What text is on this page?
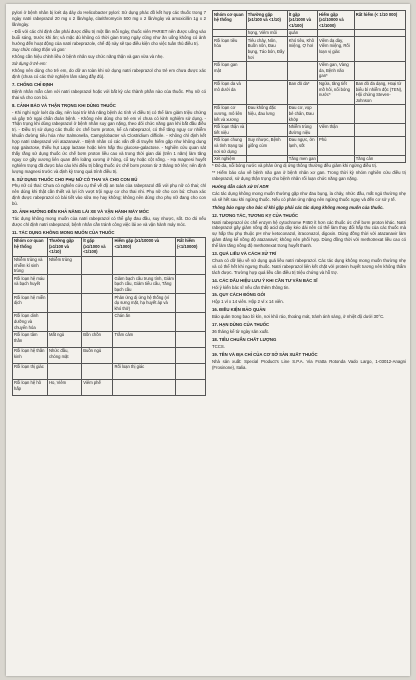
pylori ở bệnh nhân bị loét dạ dày do Helicobacter pylori: Sử dụng phác đồ kết hợp các thuốc trong 7 ngày natri rabeprazol 20 mg x 2 lần/ngày, clarithromycin 500 mg x 2 lần/ngày và amoxicillin 1g x 2 lần/ngày.

- Đối với các chỉ định cần phải được điều trị một lần mỗi ngày, thuốc viên PARIET nên được uống vào buổi sáng, trước khi ăn; và mặc dù không có thời gian trong ngày cũng như ăn uống không có ảnh hưởng đến hoạt động của natri rabeprazole, chế độ này sẽ tạo điều kiện cho việc tuân thủ điều trị.

Suy chức năng thận và gan:

Không cần hiệu chỉnh liều ở bệnh nhân suy chức năng thận và gan vừa và nhẹ.

Sử dụng ở trẻ em:

Không nên dùng cho trẻ em, do dữ an toàn khi sử dụng natri rabeprazol cho trẻ em chưa được xác định (chưa có các thử nghiệm lâm sàng đầy đủ).

7. CHỐNG CHỈ ĐỊNH

Bệnh nhân mẫn cảm với natri rabeprazol hoặc với bất kỳ các thành phần nào của thuốc. Phụ nữ có thai và cho con bú.

8. CẢNH BÁO VÀ THẬN TRỌNG KHI DÙNG THUỐC

- Khi nghi ngờ loét dạ dày, nên loại trừ khả năng bệnh ác tính vì điều trị có thể làm giảm triệu chứng và gây trở ngại chẩn đoán bệnh. - Không nên dùng cho trẻ em vì chưa có kinh nghiệm sử dụng. - Thận trọng khi dùng rabeprazol ở bệnh nhân suy gan nặng, theo dõi chức năng gan khi bắt đầu điều trị. - Điều trị sử dụng các thuốc ức chế bơm proton, kể cả rabeprazol, có thể tăng nguy cơ nhiễm khuẩn đường tiêu hóa như Salmonella, Campylobacter và Clostridium difficile. - Không chỉ định kết hợp natri rabeprazol với atazanavir. - Bệnh nhân có các vấn đề di truyền hiếm gặp như không dung nạp galactose, thiếu hụt Lapp lactase hoặc kém hấp thu glucose-galactose. - Nghiên cứu quan sát thấy rằng sử dụng thuốc ức chế bơm proton liều cao và trong thời gian dài (trên 1 năm) làm tăng nguy cơ gãy xương liên quan đến loãng xương ở hông, cổ tay hoặc cột sống. - Hạ magnesi huyết nghiêm trọng đã được báo cáo khi điều trị bằng thuốc ức chế bơm proton từ 3 tháng trở lên; nên định lượng magnesi trước và định kỳ trong quá trình điều trị.

9. SỬ DỤNG THUỐC CHO PHỤ NỮ CÓ THAI VÀ CHO CON BÚ

Phụ nữ có thai: Chưa có nghiên cứu cụ thể về độ an toàn của rabeprazol đối với phụ nữ có thai; chỉ nên dùng khi thật cần thiết và lợi ích vượt trội nguy cơ cho thai nhi. Phụ nữ cho con bú: Chưa xác định được rabeprazol có bài tiết vào sữa mẹ hay không; không nên dùng cho phụ nữ đang cho con bú.

10. ẢNH HƯỞNG ĐẾN KHẢ NĂNG LÁI XE VÀ VẬN HÀNH MÁY MÓC

Tác dụng không mong muốn của natri rabeprazol có thể gây đau đầu, suy nhược, sốt. Do đó nếu được chỉ định natri rabeprazol, bệnh nhân cần tránh công việc lái xe và vận hành máy móc.

11. TÁC DỤNG KHÔNG MONG MUỐN CỦA THUỐC

Nhóm cơ quan hệ thống	Thường gặp (≥1/100 và <1/10)	Ít gặp (≥1/1000 và <1/100)	Hiếm gặp (≥1/10000 và <1/1000)	Rất hiếm (<1/10000)
Nhiễm trùng và nhiễm kí sinh trùng	Nhiễm trùng			
Rối loạn hệ máu và bạch huyết			Giảm bạch cầu trung tính, Giảm bạch cầu, Giảm tiểu cầu, Tăng bạch cầu	
Rối loạn hệ miễn dịch			Phản ứng dị ứng hệ thống (ví dụ sưng mặt, hạ huyết áp và khó thở)	
Rối loạn dinh dưỡng và chuyển hóa			Chán ăn	
Rối loạn tâm thần	Mất ngủ	Bồn chồn	Trầm cảm	
Rối loạn hệ thần kinh	Nhức đầu, chóng mặt	Buồn ngủ		
Rối loạn thị giác			Rối loạn thị giác	
Rối loạn hệ hô hấp	Ho, Viêm	Viêm phế		
Nhóm cơ quan hệ thống	Thường gặp (≥1/100 và <1/10)	Ít gặp (≥1/1000 và <1/100)	Hiếm gặp (≥1/10000 và <1/1000)	Rất hiếm (< 1/10 000)
	họng, Viêm mũi	quản		
Rối loạn tiêu hóa	Tiêu chảy, Nôn, Buồn nôn, Đau bụng, Táo bón, Đầy hơi	Khó tiêu, Khô miệng, Ợ hơi	Viêm dạ dày, Viêm miệng, Rối loạn vị giác	
Rối loạn gan mật			Viêm gan, Vàng da, Bệnh não gan*	
Rối loạn da và mô dưới da		Ban đỏ da*	Ngứa, tăng tiết mồ hôi, nổi bóng nước*	Ban đỏ đa dạng, Hoại tử biểu bì nhiễm độc (TEN), Hội chứng Steven-Johnson
Rối loạn cơ xương, mô liên kết và xương	Đau không đặc hiệu, đau lưng	Đau cơ, vọp bẻ chân, Đau khớp		
Rối loạn thận và tiết niệu		Nhiễm trùng đường niệu	Viêm thận	
Rối loạn chung và tình trạng tại nơi sử dụng	Suy nhược, Bệnh giống cúm	Đau ngực, ớn lạnh, sốt	Phù	
Xét nghiệm		Tăng men gan		Tăng cân

* Đỏ da, nổi bóng nước và phản ứng dị ứng thông thường đều giảm khi ngừng điều trị.

** Hiếm báo cáo về bệnh não gan ở bệnh nhân xơ gan. Trong thời kỳ nhóm nghiên cứu điều trị rabeprazol, sử dụng thận trọng cho bệnh nhân rối loạn chức năng gan nặng.

Hướng dẫn cách xử trí ADR

Các tác dụng không mong muốn thường gặp như đau bụng, ỉa chảy, nhức đầu, mất ngủ thường nhẹ và sẽ hết sau khi ngừng thuốc. Nếu có phản ứng nặng nên ngừng thuốc ngay và đến cơ sở y tế.

Thông báo ngay cho bác sĩ khi gặp phải các tác dụng không mong muốn của thuốc.

12. TƯƠNG TÁC, TƯƠNG KỴ CỦA THUỐC

Natri rabeprazol ức chế enzym hệ cytochrome P450 ít hơn các thuốc ức chế bơm proton khác. Natri rabeprazol gây giảm nồng độ acid dạ dày kéo dài nên có thể làm thay đổi hấp thu của các thuốc mà sự hấp thu phụ thuộc pH như ketoconazol, itraconazol, digoxin. Dùng đồng thời với atazanavir làm giảm đáng kể nồng độ atazanavir; không nên phối hợp. Dùng đồng thời với methotrexat liều cao có thể làm tăng nồng độ methotrexat trong huyết thanh.

13. QUÁ LIỀU VÀ CÁCH XỬ TRÍ

Chưa có dữ liệu về sử dụng quá liều natri rabeprazol. Các tác dụng không mong muốn thường nhẹ và có thể hết khi ngưng thuốc. Natri rabeprazol liên kết chặt với protein huyết tương nên không thẩm tách được. Trường hợp quá liều cần điều trị triệu chứng và hỗ trợ.

14. CÁC DẤU HIỆU LƯU Ý KHI CẦN TƯ VẤN BÁC SĨ

Hỏi ý kiến bác sĩ nếu cần thêm thông tin.

15. QUY CÁCH ĐÓNG GÓI

Hộp 1 vỉ x 14 viên. Hộp 2 vỉ x 14 viên.

16. ĐIỀU KIỆN BẢO QUẢN

Bảo quản trong bao bì kín, nơi khô ráo, thoáng mát, tránh ánh sáng, ở nhiệt độ dưới 30°C.

17. HẠN DÙNG CỦA THUỐC

36 tháng kể từ ngày sản xuất.

18. TIÊU CHUẨN CHẤT LƯỢNG

TCCS.

19. TÊN VÀ ĐỊA CHỈ CỦA CƠ SỞ SẢN XUẤT THUỐC

Nhà sản xuất: Special Product's Line S.P.A. Via Fratta Rotonda Vado Largo, 1-03012-Anagni (Frosinone), Italia.
